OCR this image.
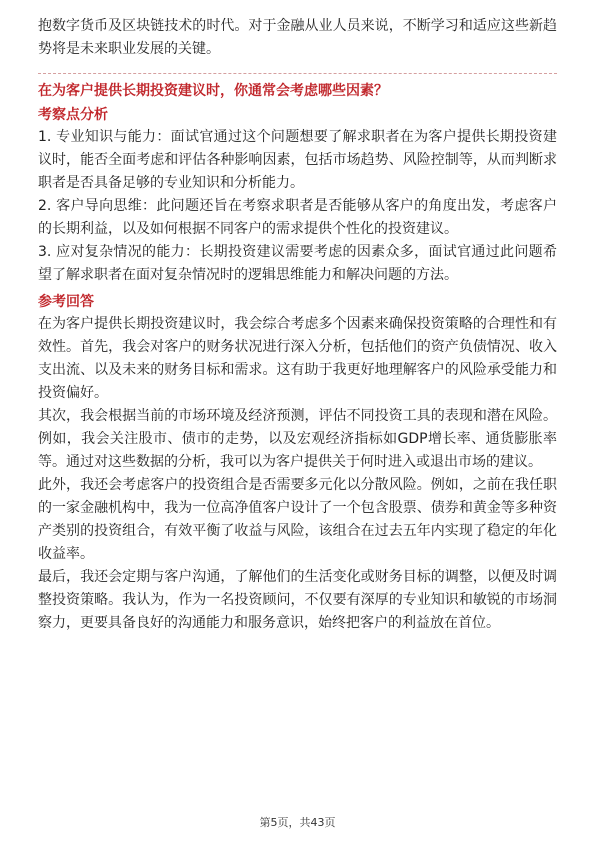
抱数字货币及区块链技术的时代。对于金融从业人员来说，不断学习和适应这些新趋势将是未来职业发展的关键。

在为客户提供长期投资建议时，你通常会考虑哪些因素？
考察点分析

1. 专业知识与能力：面试官通过这个问题想要了解求职者在为客户提供长期投资建议时，能否全面考虑和评估各种影响因素，包括市场趋势、风险控制等，从而判断求职者是否具备足够的专业知识和分析能力。

2. 客户导向思维：此问题还旨在考察求职者是否能够从客户的角度出发，考虑客户的长期利益，以及如何根据不同客户的需求提供个性化的投资建议。

3. 应对复杂情况的能力：长期投资建议需要考虑的因素众多，面试官通过此问题希望了解求职者在面对复杂情况时的逻辑思维能力和解决问题的方法。

参考回答

在为客户提供长期投资建议时，我会综合考虑多个因素来确保投资策略的合理性和有效性。首先，我会对客户的财务状况进行深入分析，包括他们的资产负债情况、收入支出流、以及未来的财务目标和需求。这有助于我更好地理解客户的风险承受能力和投资偏好。

其次，我会根据当前的市场环境及经济预测，评估不同投资工具的表现和潜在风险。例如，我会关注股市、债市的走势，以及宏观经济指标如GDP增长率、通货膨胀率等。通过对这些数据的分析，我可以为客户提供关于何时进入或退出市场的建议。

此外，我还会考虑客户的投资组合是否需要多元化以分散风险。例如，之前在我任职的一家金融机构中，我为一位高净值客户设计了一个包含股票、债券和黄金等多种资产类别的投资组合，有效平衡了收益与风险，该组合在过去五年内实现了稳定的年化收益率。

最后，我还会定期与客户沟通，了解他们的生活变化或财务目标的调整，以便及时调整投资策略。我认为，作为一名投资顾问，不仅要有深厚的专业知识和敏锐的市场洞察力，更要具备良好的沟通能力和服务意识，始终把客户的利益放在首位。

第5页，共43页
